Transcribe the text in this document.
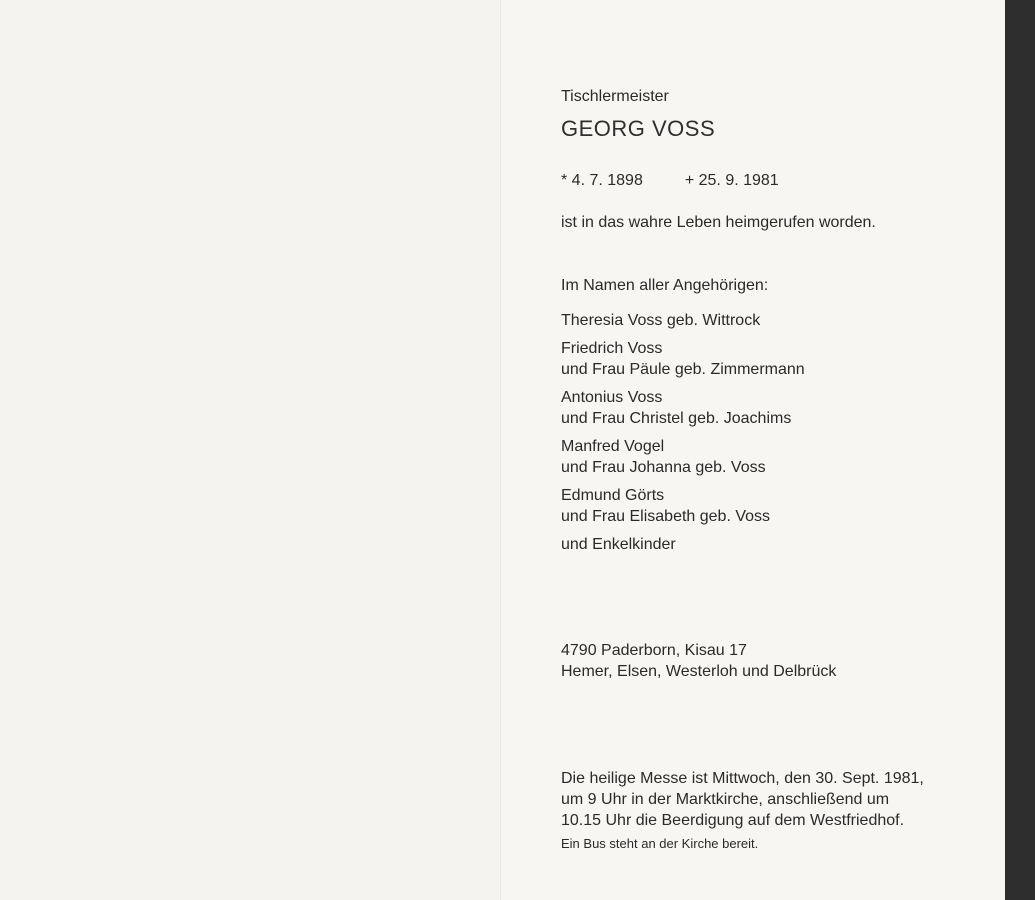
Tischlermeister
GEORG VOSS
* 4. 7. 1898	+ 25. 9. 1981
ist in das wahre Leben heimgerufen worden.
Im Namen aller Angehörigen:
Theresia Voss geb. Wittrock
Friedrich Voss
und Frau Päule geb. Zimmermann
Antonius Voss
und Frau Christel geb. Joachims
Manfred Vogel
und Frau Johanna geb. Voss
Edmund Görts
und Frau Elisabeth geb. Voss
und Enkelkinder
4790 Paderborn, Kisau 17
Hemer, Elsen, Westerloh und Delbrück
Die heilige Messe ist Mittwoch, den 30. Sept. 1981,
um 9 Uhr in der Marktkirche, anschließend um
10.15 Uhr die Beerdigung auf dem Westfriedhof.
Ein Bus steht an der Kirche bereit.
